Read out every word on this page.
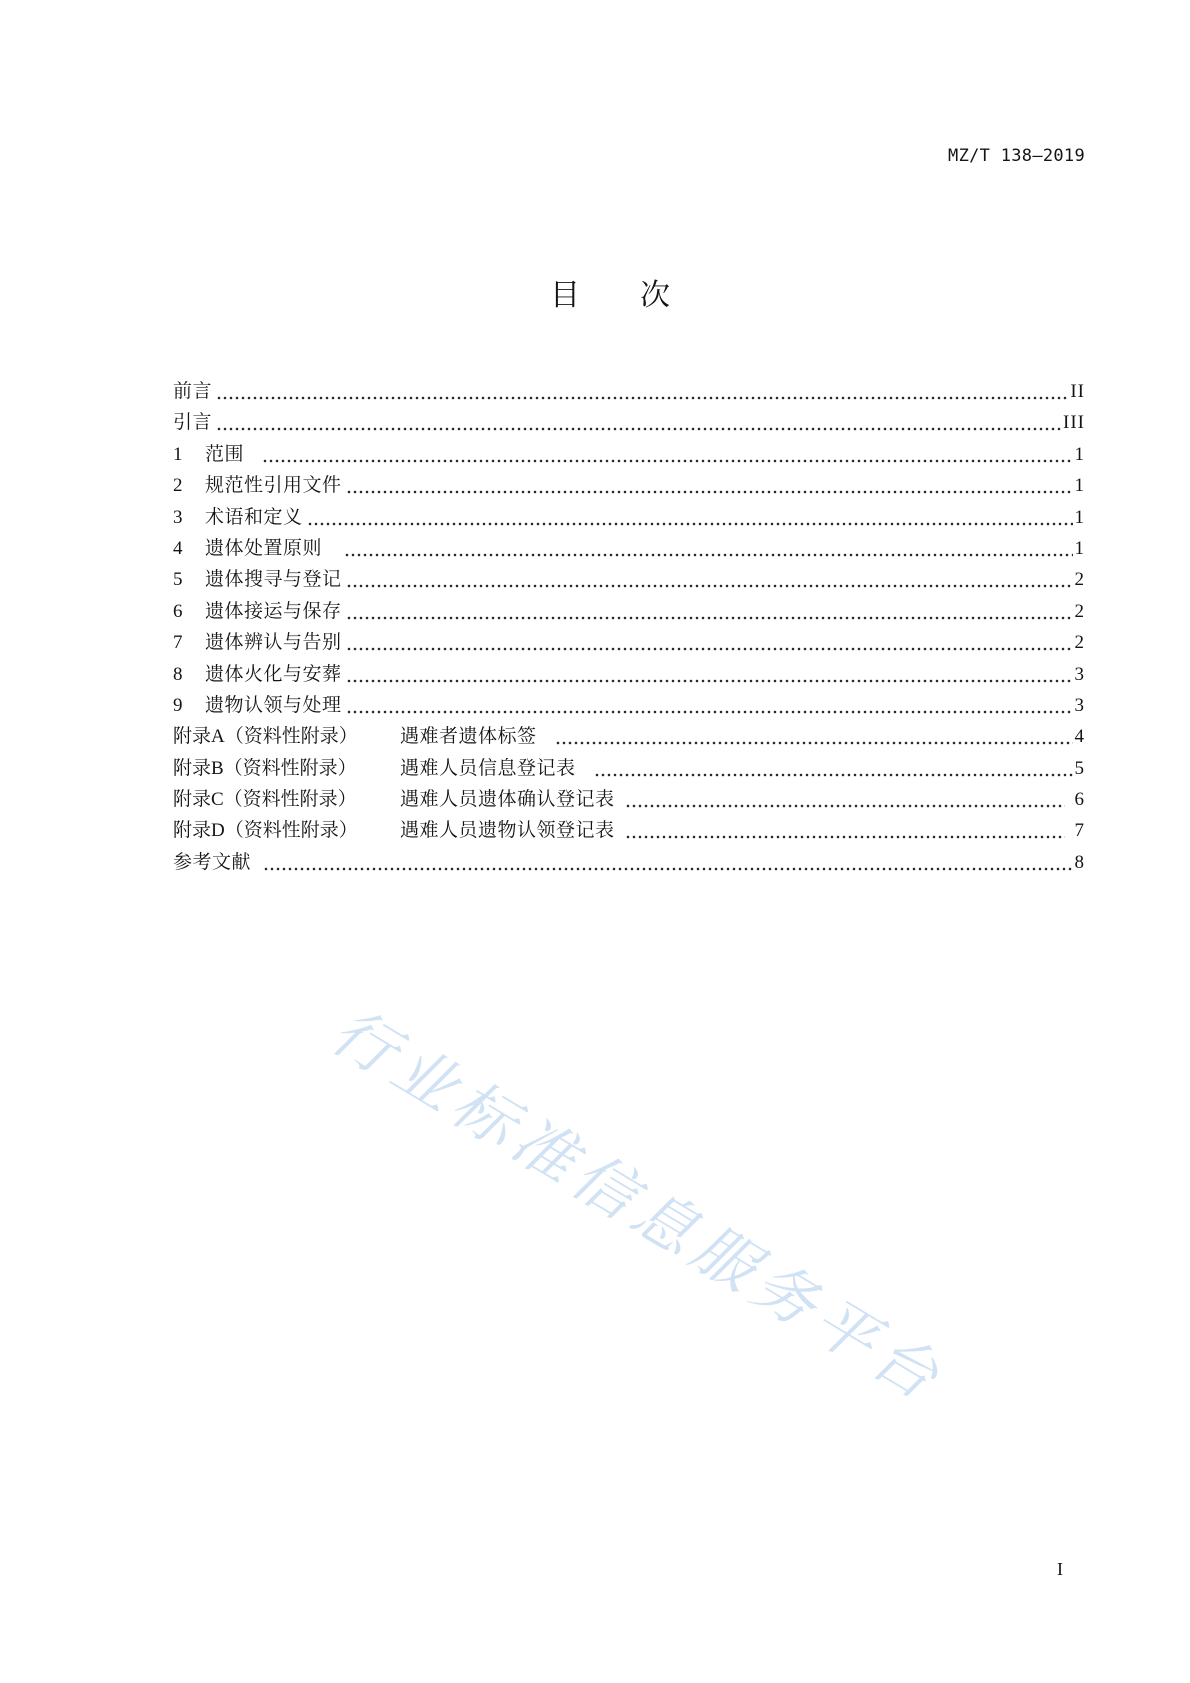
MZ/T 138—2019
目　　次
前言	II
引言	III
1	范围	1
2	规范性引用文件	1
3	术语和定义	1
4	遗体处置原则	1
5	遗体搜寻与登记	2
6	遗体接运与保存	2
7	遗体辨认与告别	2
8	遗体火化与安葬	3
9	遗物认领与处理	3
附录A（资料性附录）	遇难者遗体标签	4
附录B（资料性附录）	遇难人员信息登记表	5
附录C（资料性附录）	遇难人员遗体确认登记表	6
附录D（资料性附录）	遇难人员遗物认领登记表	7
参考文献	8
行业标准信息服务平台
I
